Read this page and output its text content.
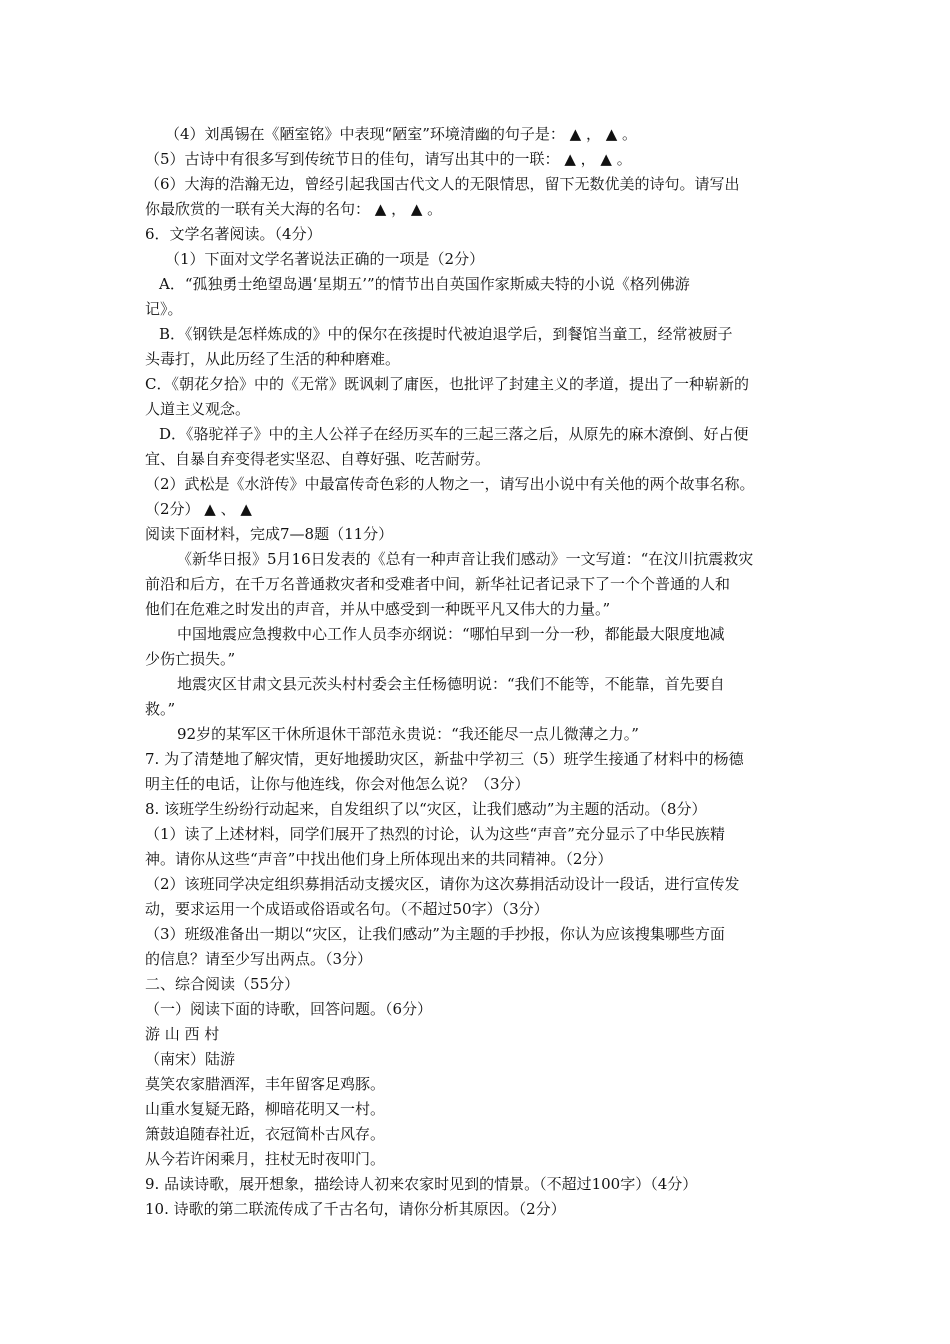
（4）刘禹锡在《陋室铭》中表现“陋室”环境清幽的句子是： ▲ ， ▲ 。
（5）古诗中有很多写到传统节日的佳句，请写出其中的一联： ▲ ， ▲ 。
（6）大海的浩瀚无边，曾经引起我国古代文人的无限情思，留下无数优美的诗句。请写出
你最欣赏的一联有关大海的名句： ▲ ， ▲ 。
6．文学名著阅读。（4分）
（1）下面对文学名著说法正确的一项是（2分）
A．“孤独勇士绝望岛遇‘星期五’”的情节出自英国作家斯威夫特的小说《格列佛游
记》。
B．《钢铁是怎样炼成的》中的保尔在孩提时代被迫退学后，到餐馆当童工，经常被厨子
头毒打，从此历经了生活的种种磨难。
C．《朝花夕拾》中的《无常》既讽刺了庸医，也批评了封建主义的孝道，提出了一种崭新的
人道主义观念。
D．《骆驼祥子》中的主人公祥子在经历买车的三起三落之后，从原先的麻木潦倒、好占便
宜、自暴自弃变得老实坚忍、自尊好强、吃苦耐劳。
（2）武松是《水浒传》中最富传奇色彩的人物之一，请写出小说中有关他的两个故事名称。
（2分） ▲ 、 ▲
阅读下面材料，完成7—8题（11分）
《新华日报》5月16日发表的《总有一种声音让我们感动》一文写道：“在汶川抗震救灾
前沿和后方，在千万名普通救灾者和受难者中间，新华社记者记录下了一个个普通的人和
他们在危难之时发出的声音，并从中感受到一种既平凡又伟大的力量。”
中国地震应急搜救中心工作人员李亦纲说：“哪怕早到一分一秒，都能最大限度地减
少伤亡损失。”
地震灾区甘肃文县元茨头村村委会主任杨德明说：“我们不能等，不能靠，首先要自
救。”
92岁的某军区干休所退休干部范永贵说：“我还能尽一点儿微薄之力。”
7. 为了清楚地了解灾情，更好地援助灾区，新盐中学初三（5）班学生接通了材料中的杨德
明主任的电话，让你与他连线，你会对他怎么说？（3分）
8. 该班学生纷纷行动起来，自发组织了以“灾区，让我们感动”为主题的活动。（8分）
（1）读了上述材料，同学们展开了热烈的讨论，认为这些“声音”充分显示了中华民族精
神。请你从这些“声音”中找出他们身上所体现出来的共同精神。（2分）
（2）该班同学决定组织募捐活动支援灾区，请你为这次募捐活动设计一段话，进行宣传发
动，要求运用一个成语或俗语或名句。（不超过50字）（3分）
（3）班级准备出一期以“灾区，让我们感动”为主题的手抄报，你认为应该搜集哪些方面
的信息？请至少写出两点。（3分）
二、综合阅读（55分）
（一）阅读下面的诗歌，回答问题。（6分）
游 山 西 村
（南宋）陆游
莫笑农家腊酒浑，丰年留客足鸡豚。
山重水复疑无路，柳暗花明又一村。
箫鼓追随春社近，衣冠简朴古风存。
从今若许闲乘月，拄杖无时夜叩门。
9. 品读诗歌，展开想象，描绘诗人初来农家时见到的情景。（不超过100字）（4分）
10. 诗歌的第二联流传成了千古名句，请你分析其原因。（2分）
